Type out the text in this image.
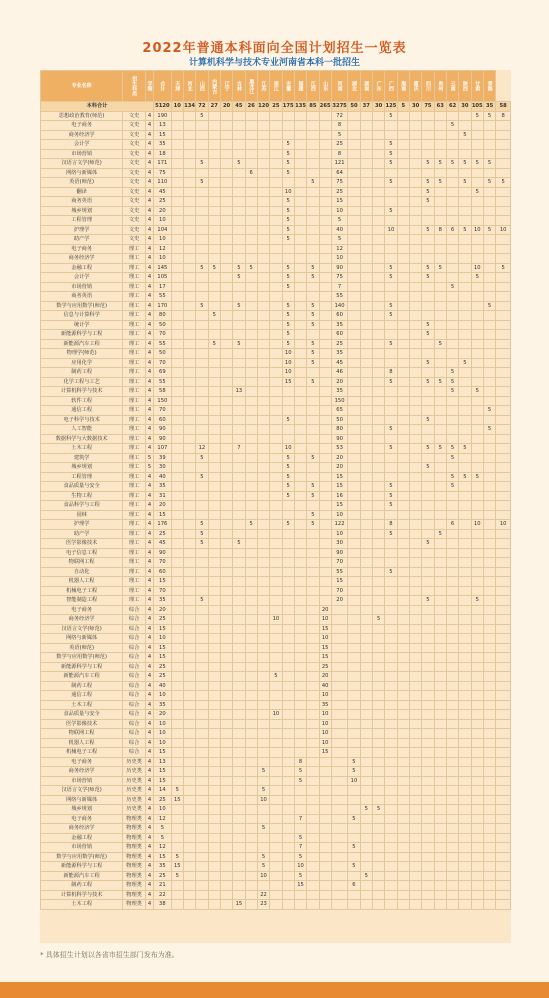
2022年普通本科面向全国计划招生一览表
计算机科学与技术专业河南省本科一批招生
专业名称	招生科类	学制	合计	天津	河北	山西	内蒙古	辽宁	吉林	黑龙江	江苏	浙江	安徽	福建	江西	山东	河南	湖北	湖南	广东	广西	海南	重庆	四川	贵州	云南	陕西	甘肃	青海	
本科合计			5120	10	134	72	27	20	45	26	120	25	175	135	85	265	3275	50	37	30	125	5	30	75	63	62	30	105	35	58
思想政治教育(师范)	文史	4	190			5											72				5							5	5	8
电子商务	文史	4	13														8									5				
商务经济学	文史	4	15														5										5			
会计学	文史	4	35										5				25				5									
市场营销	文史	4	18										5				8				5									
汉语言文学(师范)	文史	4	171			5			5				5				121				5			5	5	5	5	5	5	
网络与新媒体	文史	4	75							6			5				64													
英语(师范)	文史	4	110			5									5		75				5			5	5		5		5	5
翻译	文史	4	45										10				25							5				5		
商务英语	文史	4	25										5				15							5						
城乡规划	文史	4	20										5				10				5									
工程管理	文史	4	10										5				5													
护理学	文史	4	104										5				40				10			5	8	6	5	10	5	10
助产学	文史	4	10										5				5													
电子商务	理工	4	12														12													
商务经济学	理工	4	10														10													
金融工程	理工	4	145			5	5		5	5			5		5		90				5			5	5			10		5
会计学	理工	4	105						5				5		5		75				5			5				5		
市场营销	理工	4	17										5				7									5				
商务英语	理工	4	55														55													
数学与应用数学(师范)	理工	4	170			5			5				5		5		140				5								5	
信息与计算科学	理工	4	80				5						5		5		60				5									
统计学	理工	4	50										5		5		35							5						
新能源科学与工程	理工	4	70										5				60							5						
新能源汽车工程	理工	4	55				5		5				5		5		25				5				5					
物理学(师范)	理工	4	50										10		5		35													
应用化学	理工	4	70										10		5		45							5			5			
制药工程	理工	4	69										10				46				8					5				
化学工程与工艺	理工	4	55										15		5		20				5			5	5	5				
计算机科学与技术	理工	4	58						13								35									5		5		
软件工程	理工	4	150														150													
通信工程	理工	4	70														65												5	
电子科学与技术	理工	4	60										5				50							5						
人工智能	理工	4	90														80				5								5	
数据科学与大数据技术	理工	4	90														90													
土木工程	理工	4	107			12			7				10				53				5			5	5	5	5			
建筑学	理工	5	39			5							5		5		20									5				
城乡规划	理工	5	30										5				20							5						
工程管理	理工	4	40			5							5				15									5	5	5		
食品质量与安全	理工	4	35										5		5		15				5					5				
生物工程	理工	4	31										5		5		16				5									
食品科学与工程	理工	4	20														15				5									
园林	理工	4	15												5		10													
护理学	理工	4	176			5				5			5		5		122				8					6		10		10
助产学	理工	4	25			5											10				5				5					
医学影像技术	理工	4	45			5			5								30							5						
电子信息工程	理工	4	90														90													
物联网工程	理工	4	70														70													
自动化	理工	4	60														55				5									
机器人工程	理工	4	15														15													
机械电子工程	理工	4	70														70													
智能制造工程	理工	4	35			5											20							5				5		
电子商务	综合	4	20													20														
商务经济学	综合	4	25									10				10				5										
汉语言文学(师范)	综合	4	15													15														
网络与新媒体	综合	4	10													10														
英语(师范)	综合	4	15													15														
数学与应用数学(师范)	综合	4	15													15														
新能源科学与工程	综合	4	25													25														
新能源汽车工程	综合	4	25									5				20														
制药工程	综合	4	40													40														
通信工程	综合	4	10													10														
土木工程	综合	4	35													35														
食品质量与安全	综合	4	20									10				10														
医学影像技术	综合	4	10													10														
物联网工程	综合	4	10													10														
机器人工程	综合	4	10													10														
机械电子工程	综合	4	15													15														
电子商务	历史类	4	13											8				5												
商务经济学	历史类	4	15								5			5				5												
市场营销	历史类	4	15											5				10												
汉语言文学(师范)	历史类	4	14	5							5																			
网络与新媒体	历史类	4	25	15							10																			
城乡规划	历史类	4	10																5	5										
电子商务	物理类	4	12											7				5												
商务经济学	物理类	4	5								5																			
金融工程	物理类	4	5											5																
市场营销	物理类	4	12											7				5												
数学与应用数学(师范)	物理类	4	15	5							5			5																
新能源科学与工程	物理类	4	35	15							5			10				5												
新能源汽车工程	物理类	4	25	5							10			5					5											
制药工程	物理类	4	21											15				6												
计算机科学与技术	物理类	4	22								22																			
土木工程	物理类	4	38						15		23																			
* 具体招生计划以各省市招生部门发布为准。
